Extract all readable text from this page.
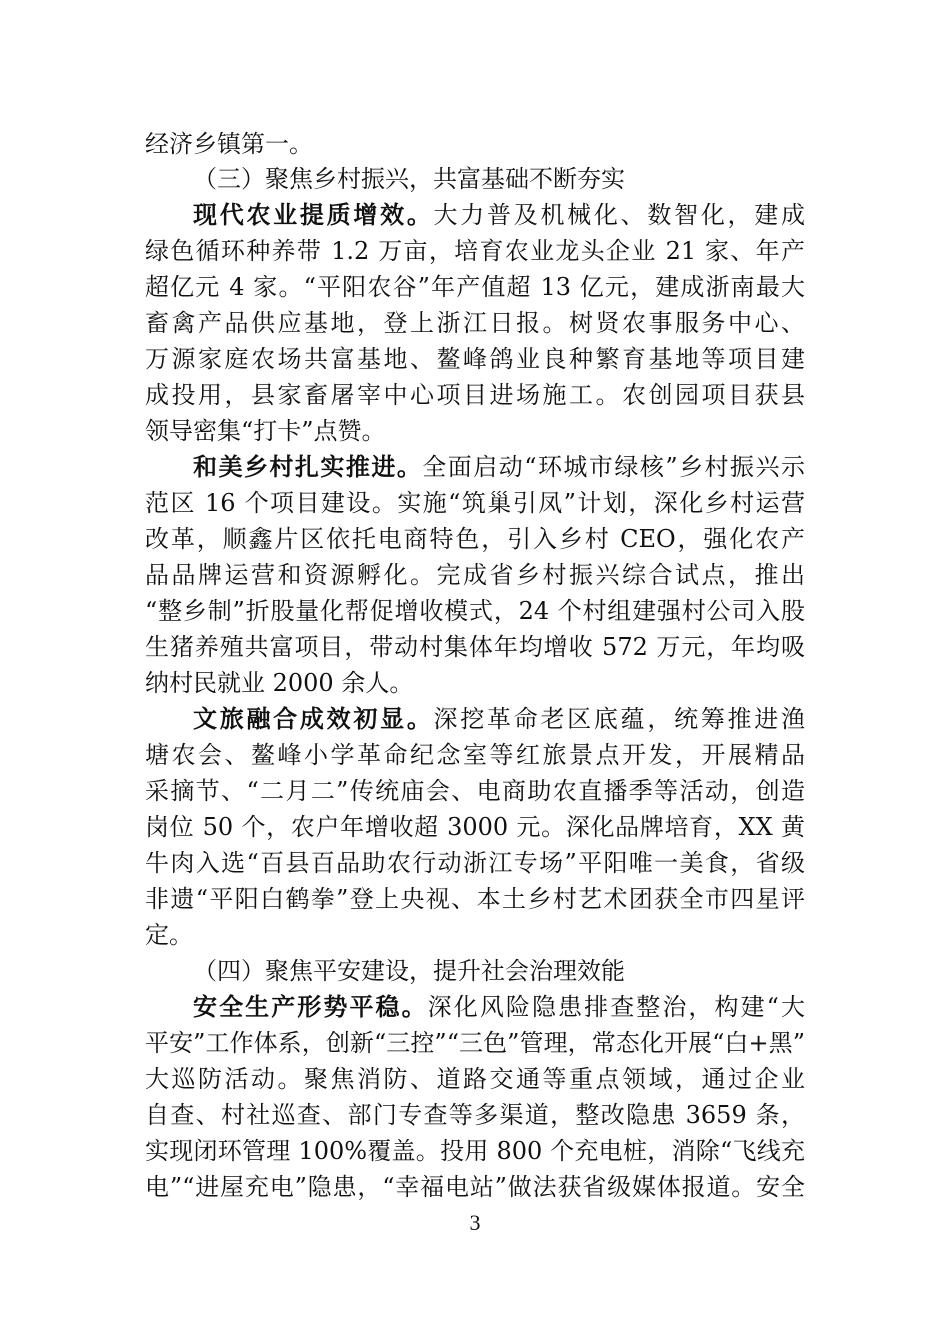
经济乡镇第一。
（三）聚焦乡村振兴，共富基础不断夯实
现代农业提质增效。大力普及机械化、数智化，建成
绿色循环种养带 1.2 万亩，培育农业龙头企业 21 家、年产
超亿元 4 家。“平阳农谷”年产值超 13 亿元，建成浙南最大
畜禽产品供应基地，登上浙江日报。树贤农事服务中心、
万源家庭农场共富基地、鳌峰鸽业良种繁育基地等项目建
成投用，县家畜屠宰中心项目进场施工。农创园项目获县
领导密集“打卡”点赞。
和美乡村扎实推进。全面启动“环城市绿核”乡村振兴示
范区 16 个项目建设。实施“筑巢引凤”计划，深化乡村运营
改革，顺鑫片区依托电商特色，引入乡村 CEO，强化农产
品品牌运营和资源孵化。完成省乡村振兴综合试点，推出
“整乡制”折股量化帮促增收模式，24 个村组建强村公司入股
生猪养殖共富项目，带动村集体年均增收 572 万元，年均吸
纳村民就业 2000 余人。
文旅融合成效初显。深挖革命老区底蕴，统筹推进渔
塘农会、鳌峰小学革命纪念室等红旅景点开发，开展精品
采摘节、“二月二”传统庙会、电商助农直播季等活动，创造
岗位 50 个，农户年增收超 3000 元。深化品牌培育，XX 黄
牛肉入选“百县百品助农行动浙江专场”平阳唯一美食，省级
非遗“平阳白鹤拳”登上央视、本土乡村艺术团获全市四星评
定。
（四）聚焦平安建设，提升社会治理效能
安全生产形势平稳。深化风险隐患排查整治，构建“大
平安”工作体系，创新“三控”“三色”管理，常态化开展“白+黑”
大巡防活动。聚焦消防、道路交通等重点领域，通过企业
自查、村社巡查、部门专查等多渠道，整改隐患 3659 条，
实现闭环管理 100%覆盖。投用 800 个充电桩，消除“飞线充
电”“进屋充电”隐患，“幸福电站”做法获省级媒体报道。安全
3
